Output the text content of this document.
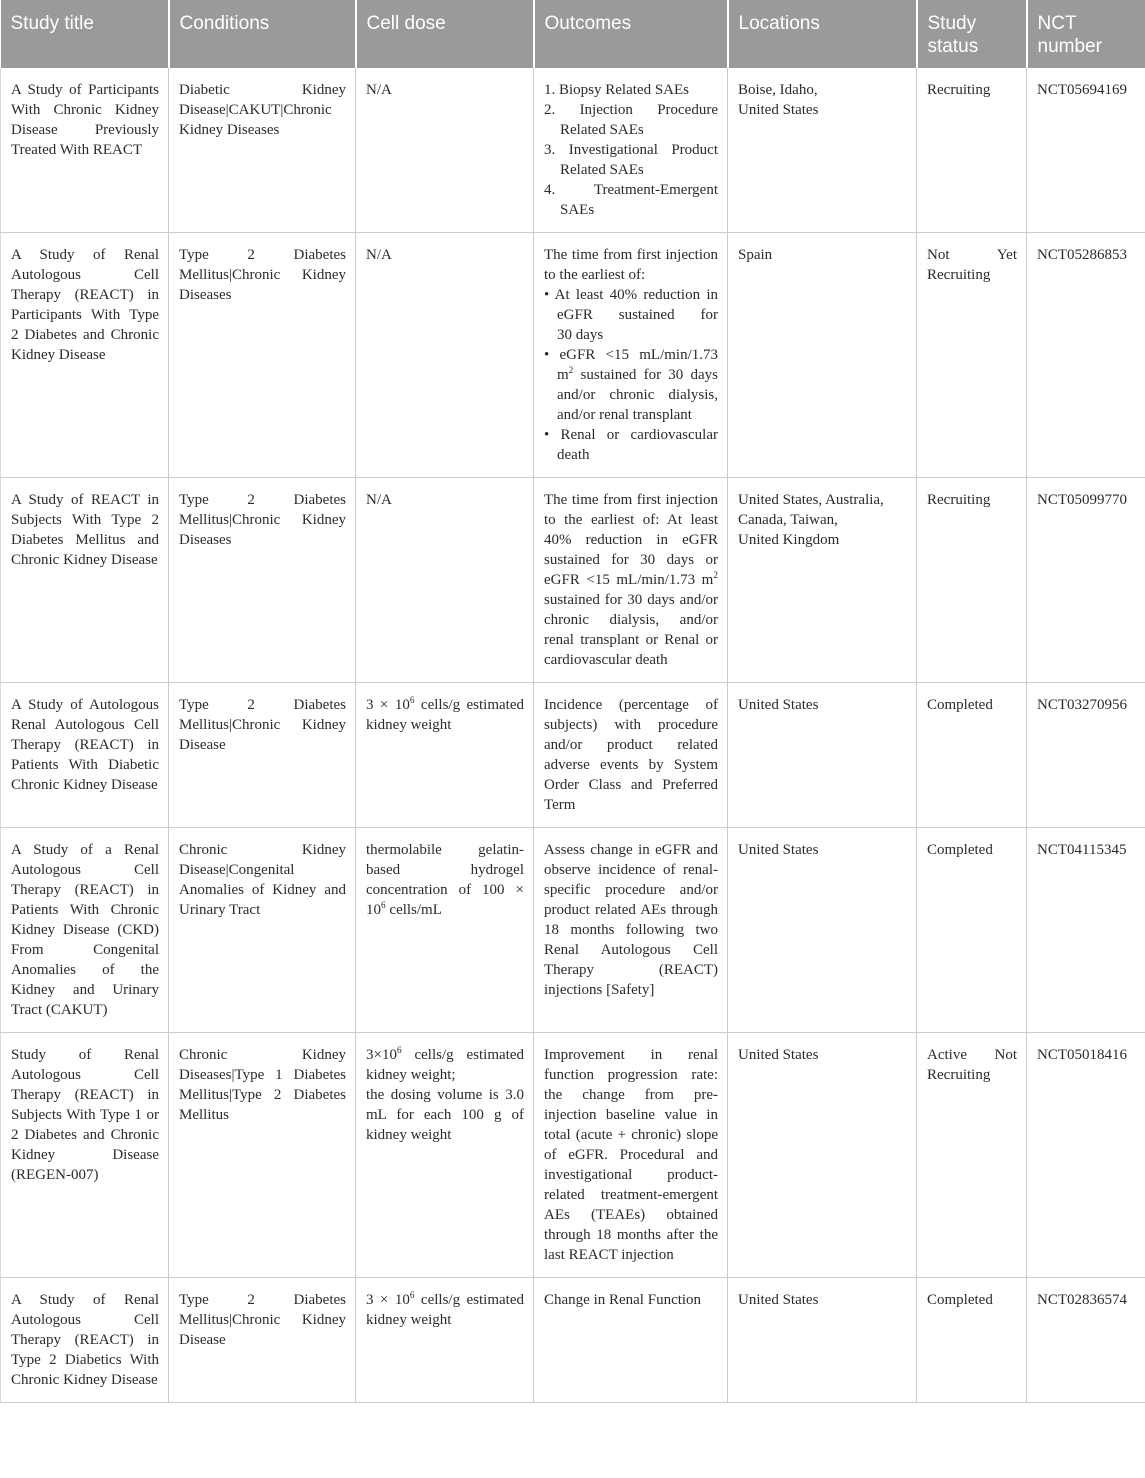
Study title	Conditions	Cell dose	Outcomes	Locations	Study status	NCT number
A Study of Participants With Chronic Kidney Disease Previously Treated With REACT	Diabetic Kidney Disease|CAKUT|Chronic Kidney Diseases	N/A	1. Biopsy Related SAEs
2. Injection Procedure Related SAEs
3. Investigational Product Related SAEs
4. Treatment-Emergent SAEs
	Boise, Idaho,
United States	Recruiting	NCT05694169
A Study of Renal Autologous Cell Therapy (REACT) in Participants With Type 2 Diabetes and Chronic Kidney Disease	Type 2 Diabetes Mellitus|Chronic Kidney Diseases	N/A	The time from first injection to the earliest of:
• At least 40% reduction in eGFR sustained for 30 days
• eGFR <15 mL/min/1.73 $m^2$ sustained for 30 days and/or chronic dialysis, and/or renal transplant
• Renal or cardiovascular death	Spain	Not Yet Recruiting	NCT05286853
A Study of REACT in Subjects With Type 2 Diabetes Mellitus and Chronic Kidney Disease	Type 2 Diabetes Mellitus|Chronic Kidney Diseases	N/A	The time from first injection to the earliest of: At least 40% reduction in eGFR sustained for 30 days or eGFR <15 mL/min/1.73 $m^2$ sustained for 30 days and/or chronic dialysis, and/or renal transplant or Renal or cardiovascular death	United States, Australia,
Canada, Taiwan,
United Kingdom	Recruiting	NCT05099770
A Study of Autologous Renal Autologous Cell Therapy (REACT) in Patients With Diabetic Chronic Kidney Disease	Type 2 Diabetes Mellitus|Chronic Kidney Disease	$3 \times 10^6$ cells/g estimated kidney weight	Incidence (percentage of subjects) with procedure and/or product related adverse events by System Order Class and Preferred Term	United States	Completed	NCT03270956
A Study of a Renal Autologous Cell Therapy (REACT) in Patients With Chronic Kidney Disease (CKD) From Congenital Anomalies of the Kidney and Urinary Tract (CAKUT)	Chronic Kidney Disease|Congenital Anomalies of Kidney and Urinary Tract	thermolabile gelatin-based hydrogel concentration of $100 \times 10^6$ cells/mL	Assess change in eGFR and observe incidence of renal-specific procedure and/or product related AEs through 18 months following two Renal Autologous Cell Therapy (REACT) injections [Safety]	United States	Completed	NCT04115345
Study of Renal Autologous Cell Therapy (REACT) in Subjects With Type 1 or 2 Diabetes and Chronic Kidney Disease (REGEN-007)	Chronic Kidney Diseases|Type 1 Diabetes Mellitus|Type 2 Diabetes Mellitus	$3\times 10^6$ cells/g estimated kidney weight;
the dosing volume is 3.0 mL for each 100 g of kidney weight	Improvement in renal function progression rate: the change from pre-injection baseline value in total (acute + chronic) slope of eGFR. Procedural and investigational product-related treatment-emergent AEs (TEAEs) obtained through 18 months after the last REACT injection	United States	Active Not Recruiting	NCT05018416
A Study of Renal Autologous Cell Therapy (REACT) in Type 2 Diabetics With Chronic Kidney Disease	Type 2 Diabetes Mellitus|Chronic Kidney Disease	$3 \times 10^6$ cells/g estimated kidney weight	Change in Renal Function	United States	Completed	NCT02836574
